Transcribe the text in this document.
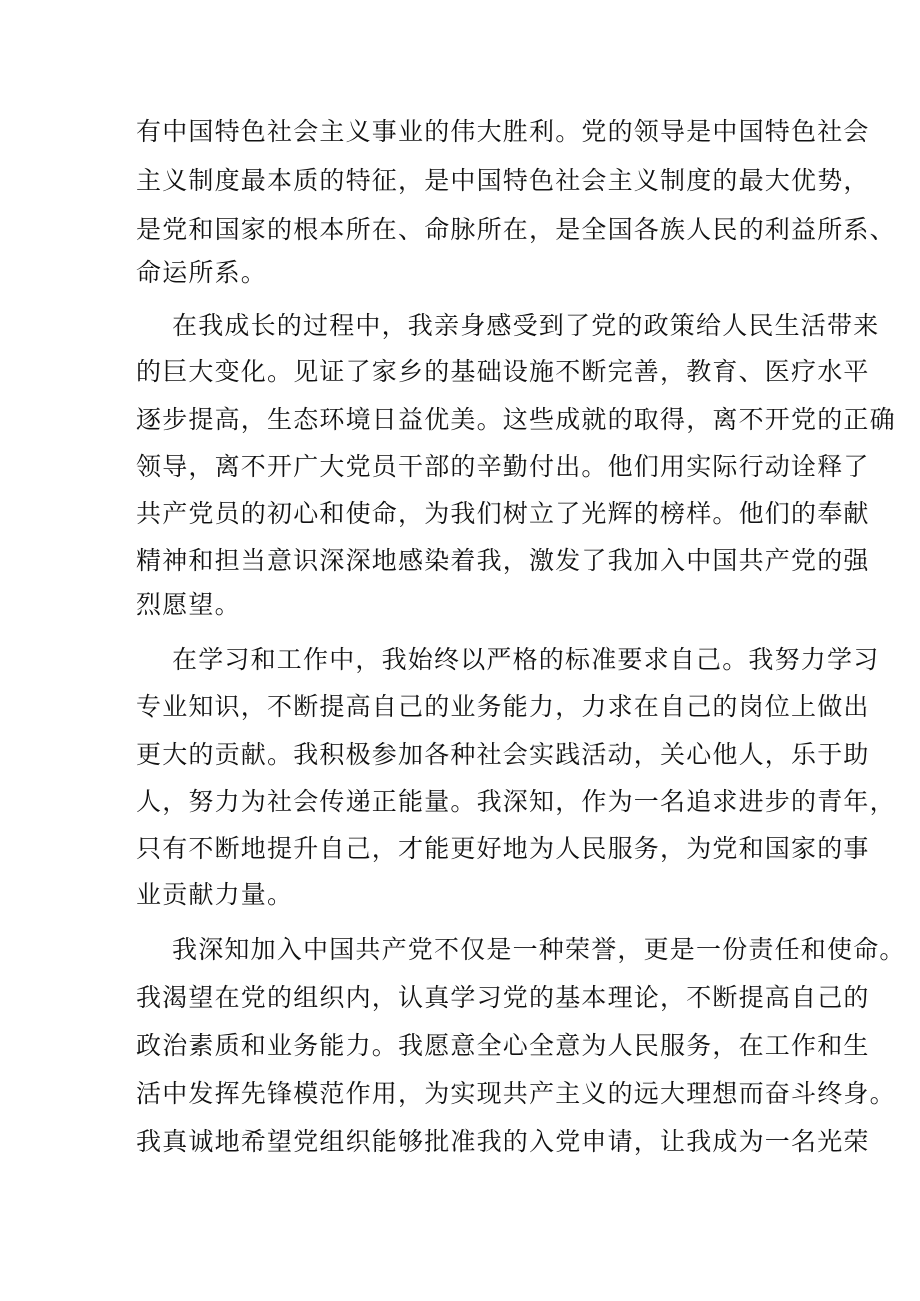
有中国特色社会主义事业的伟大胜利。党的领导是中国特色社会
主义制度最本质的特征，是中国特色社会主义制度的最大优势，
是党和国家的根本所在、命脉所在，是全国各族人民的利益所系、
命运所系。
在我成长的过程中，我亲身感受到了党的政策给人民生活带来
的巨大变化。见证了家乡的基础设施不断完善，教育、医疗水平
逐步提高，生态环境日益优美。这些成就的取得，离不开党的正确
领导，离不开广大党员干部的辛勤付出。他们用实际行动诠释了
共产党员的初心和使命，为我们树立了光辉的榜样。他们的奉献
精神和担当意识深深地感染着我，激发了我加入中国共产党的强
烈愿望。
在学习和工作中，我始终以严格的标准要求自己。我努力学习
专业知识，不断提高自己的业务能力，力求在自己的岗位上做出
更大的贡献。我积极参加各种社会实践活动，关心他人，乐于助
人，努力为社会传递正能量。我深知，作为一名追求进步的青年，
只有不断地提升自己，才能更好地为人民服务，为党和国家的事
业贡献力量。
我深知加入中国共产党不仅是一种荣誉，更是一份责任和使命。
我渴望在党的组织内，认真学习党的基本理论，不断提高自己的
政治素质和业务能力。我愿意全心全意为人民服务，在工作和生
活中发挥先锋模范作用，为实现共产主义的远大理想而奋斗终身。
我真诚地希望党组织能够批准我的入党申请，让我成为一名光荣
